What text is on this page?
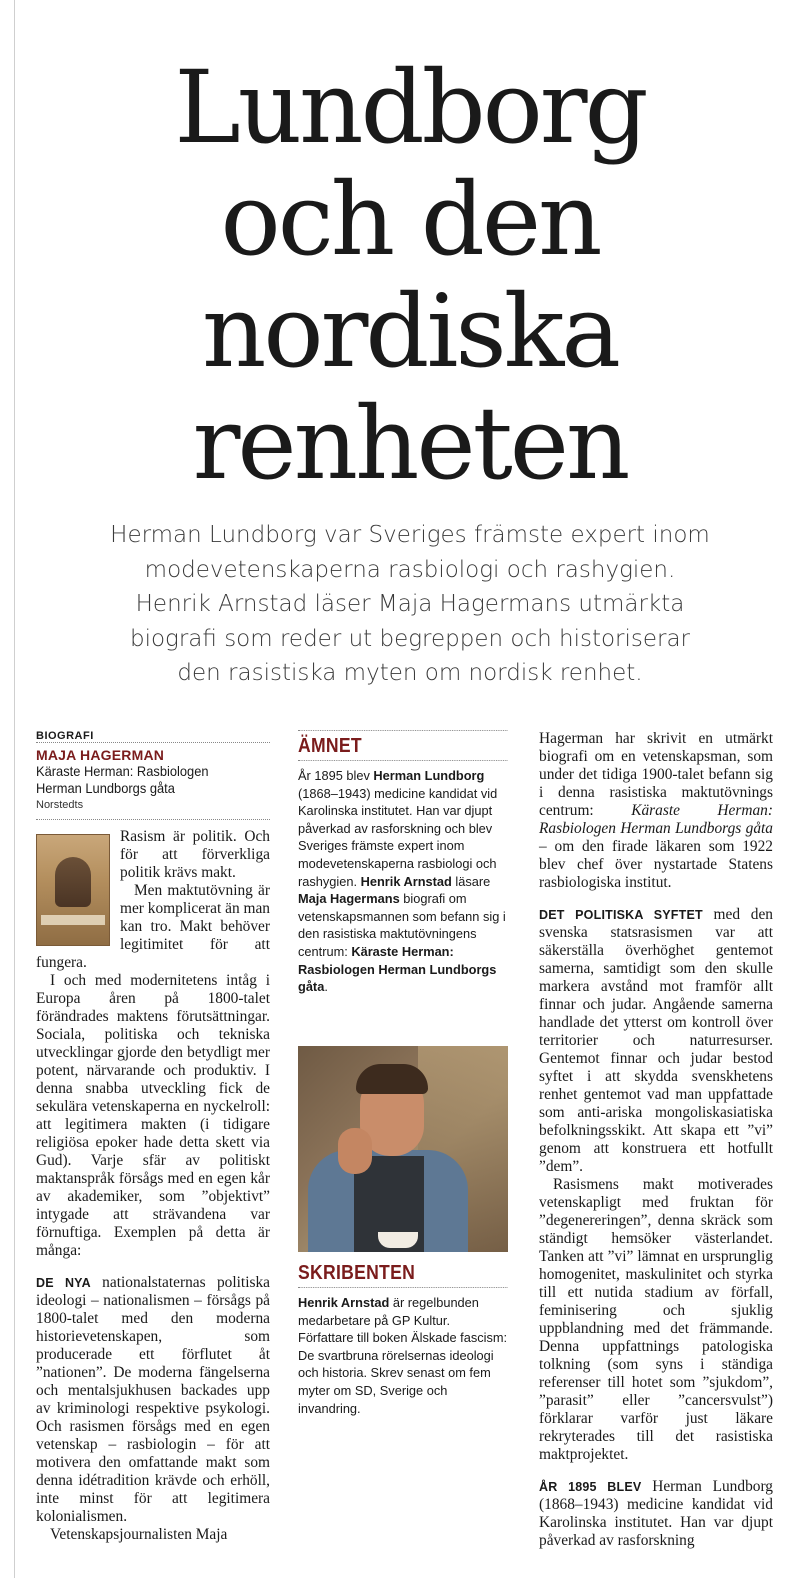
Lundborg
och den
nordiska
renheten

Herman Lundborg var Sveriges främste expert inom
modevetenskaperna rasbiologi och rashygien.
Henrik Arnstad läser Maja Hagermans utmärkta
biografi som reder ut begreppen och historiserar
den rasistiska myten om nordisk renhet.

BIOGRAFI
MAJA HAGERMAN
Käraste Herman: Rasbiologen
Herman Lundborgs gåta
Norstedts

Rasism är politik. Och för att förverkliga politik krävs makt.

Men maktutövning är mer komplicerat än man kan tro. Makt behöver legitimitet för att fungera.

I och med modernitetens intåg i Europa åren på 1800-talet förändrades maktens förutsättningar. Sociala, politiska och tekniska utvecklingar gjorde den betydligt mer potent, närvarande och produktiv. I denna snabba utveckling fick de sekulära vetenskaperna en nyckelroll: att legitimera makten (i tidigare religiösa epoker hade detta skett via Gud). Varje sfär av politiskt maktanspråk försågs med en egen kår av akademiker, som ”objektivt” intygade att strävandena var förnuftiga. Exemplen på detta är många:

DE NYA nationalstaternas politiska ideologi – nationalismen – försågs på 1800-talet med den moderna historievetenskapen, som producerade ett förflutet åt ”nationen”. De moderna fängelserna och mentalsjukhusen backades upp av kriminologi respektive psykologi. Och rasismen försågs med en egen vetenskap – rasbiologin – för att motivera den omfattande makt som denna idétradition krävde och erhöll, inte minst för att legitimera kolonialismen.

Vetenskapsjournalisten Maja

ÄMNET
År 1895 blev Herman Lundborg (1868–1943) medicine kandidat vid Karolinska institutet. Han var djupt påverkad av rasforskning och blev Sveriges främste expert inom modevetenskaperna rasbiologi och rashygien. Henrik Arnstad läsare Maja Hagermans biografi om vetenskapsmannen som befann sig i den rasistiska maktutövningens centrum: Käraste Herman: Rasbiologen Herman Lundborgs gåta.
SKRIBENTEN
Henrik Arnstad är regelbunden medarbetare på GP Kultur. Författare till boken Älskade fascism: De svartbruna rörelsernas ideologi och historia. Skrev senast om fem myter om SD, Sverige och invandring.

Hagerman har skrivit en utmärkt biografi om en vetenskapsman, som under det tidiga 1900-talet befann sig i denna rasistiska maktutövnings centrum: Käraste Herman: Rasbiologen Herman Lundborgs gåta – om den firade läkaren som 1922 blev chef över nystartade Statens rasbiologiska institut.

DET POLITISKA SYFTET med den svenska statsrasismen var att säkerställa överhöghet gentemot samerna, samtidigt som den skulle markera avstånd mot framför allt finnar och judar. Angående samerna handlade det ytterst om kontroll över territorier och naturresurser. Gentemot finnar och judar bestod syftet i att skydda svenskhetens renhet gentemot vad man uppfattade som anti-ariska mongoliskasiatiska befolkningsskikt. Att skapa ett ”vi” genom att konstruera ett hotfullt ”dem”.

Rasismens makt motiverades vetenskapligt med fruktan för ”degenereringen”, denna skräck som ständigt hemsöker västerlandet. Tanken att ”vi” lämnat en ursprunglig homogenitet, maskulinitet och styrka till ett nutida stadium av förfall, feminisering och sjuklig uppblandning med det främmande. Denna uppfattnings patologiska tolkning (som syns i ständiga referenser till hotet som ”sjukdom”, ”parasit” eller ”cancersvulst”) förklarar varför just läkare rekryterades till det rasistiska maktprojektet.

ÅR 1895 BLEV Herman Lundborg (1868–1943) medicine kandidat vid Karolinska institutet. Han var djupt påverkad av rasforskning
